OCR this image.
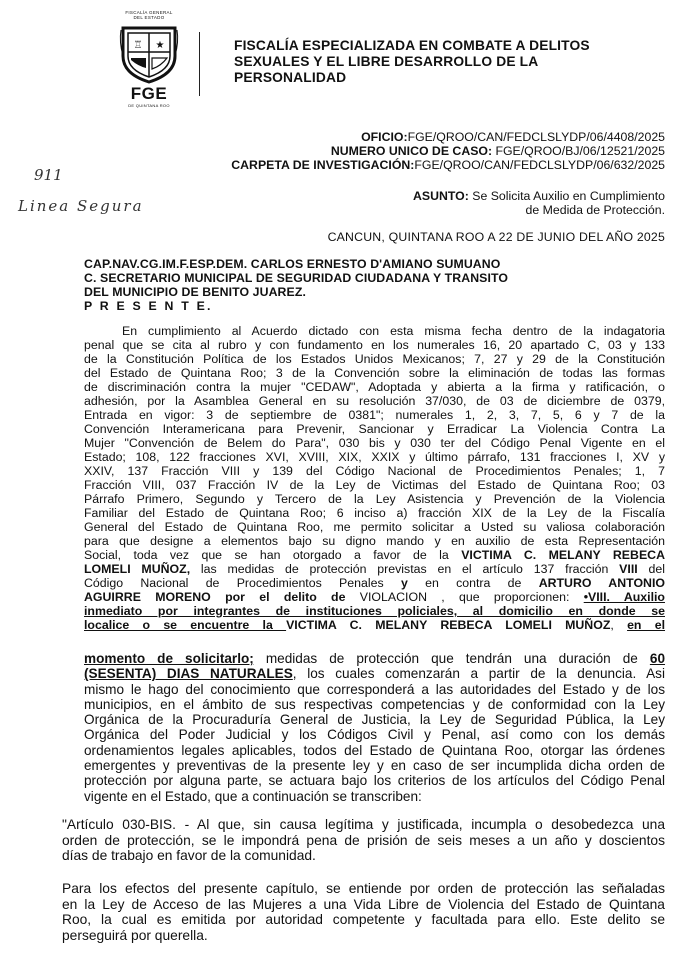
FISCALÍA GENERAL
DEL ESTADO
♖ ★
FGE
DE QUINTANA ROO
FISCALÍA ESPECIALIZADA EN COMBATE A DELITOS
SEXUALES Y EL LIBRE DESARROLLO DE LA
PERSONALIDAD
OFICIO:FGE/QROO/CAN/FEDCLSLYDP/06/4408/2025
NUMERO UNICO DE CASO: FGE/QROO/BJ/06/12521/2025
CARPETA DE INVESTIGACIÓN:FGE/QROO/CAN/FEDCLSLYDP/06/632/2025
911
Linea Segura
ASUNTO: Se Solicita Auxilio en Cumplimiento
de Medida de Protección.
CANCUN, QUINTANA ROO A 22 DE JUNIO DEL AÑO 2025
CAP.NAV.CG.IM.F.ESP.DEM. CARLOS ERNESTO D'AMIANO SUMUANO
C. SECRETARIO MUNICIPAL DE SEGURIDAD CIUDADANA Y TRANSITO
DEL MUNICIPIO DE BENITO JUAREZ.
P R E S E N T E.
En cumplimiento al Acuerdo dictado con esta misma fecha dentro de la indagatoria
penal que se cita al rubro y con fundamento en los numerales 16, 20 apartado C, 03 y 133
de la Constitución Política de los Estados Unidos Mexicanos; 7, 27 y 29 de la Constitución
del Estado de Quintana Roo; 3 de la Convención sobre la eliminación de todas las formas
de discriminación contra la mujer "CEDAW", Adoptada y abierta a la firma y ratificación, o
adhesión, por la Asamblea General en su resolución 37/030, de 03 de diciembre de 0379,
Entrada en vigor: 3 de septiembre de 0381"; numerales 1, 2, 3, 7, 5, 6 y 7 de la
Convención Interamericana para Prevenir, Sancionar y Erradicar La Violencia Contra La
Mujer "Convención de Belem do Para", 030 bis y 030 ter del Código Penal Vigente en el
Estado; 108, 122 fracciones XVI, XVIII, XIX, XXIX y último párrafo, 131 fracciones I, XV y
XXIV, 137 Fracción VIII y 139 del Código Nacional de Procedimientos Penales; 1, 7
Fracción VIII, 037 Fracción IV de la Ley de Victimas del Estado de Quintana Roo; 03
Párrafo Primero, Segundo y Tercero de la Ley Asistencia y Prevención de la Violencia
Familiar del Estado de Quintana Roo; 6 inciso a) fracción XIX de la Ley de la Fiscalía
General del Estado de Quintana Roo, me permito solicitar a Usted su valiosa colaboración
para que designe a elementos bajo su digno mando y en auxilio de esta Representación
Social, toda vez que se han otorgado a favor de la VICTIMA C. MELANY REBECA
LOMELI MUÑOZ, las medidas de protección previstas en el artículo 137 fracción VIII del
Código Nacional de Procedimientos Penales y en contra de ARTURO ANTONIO
AGUIRRE MORENO por el delito de VIOLACION , que proporcionen: •VIII. Auxilio
inmediato por integrantes de instituciones policiales, al domicilio en donde se
localice o se encuentre la VICTIMA C. MELANY REBECA LOMELI MUÑOZ, en el
momento de solicitarlo; medidas de protección que tendrán una duración de 60
(SESENTA) DIAS NATURALES, los cuales comenzarán a partir de la denuncia. Asi
mismo le hago del conocimiento que corresponderá a las autoridades del Estado y de los
municipios, en el ámbito de sus respectivas competencias y de conformidad con la Ley
Orgánica de la Procuraduría General de Justicia, la Ley de Seguridad Pública, la Ley
Orgánica del Poder Judicial y los Códigos Civil y Penal, así como con los demás
ordenamientos legales aplicables, todos del Estado de Quintana Roo, otorgar las órdenes
emergentes y preventivas de la presente ley y en caso de ser incumplida dicha orden de
protección por alguna parte, se actuara bajo los criterios de los artículos del Código Penal
vigente en el Estado, que a continuación se transcriben:
"Artículo 030-BIS. - Al que, sin causa legítima y justificada, incumpla o desobedezca una
orden de protección, se le impondrá pena de prisión de seis meses a un año y doscientos
días de trabajo en favor de la comunidad.
Para los efectos del presente capítulo, se entiende por orden de protección las señaladas
en la Ley de Acceso de las Mujeres a una Vida Libre de Violencia del Estado de Quintana
Roo, la cual es emitida por autoridad competente y facultada para ello. Este delito se
perseguirá por querella.
